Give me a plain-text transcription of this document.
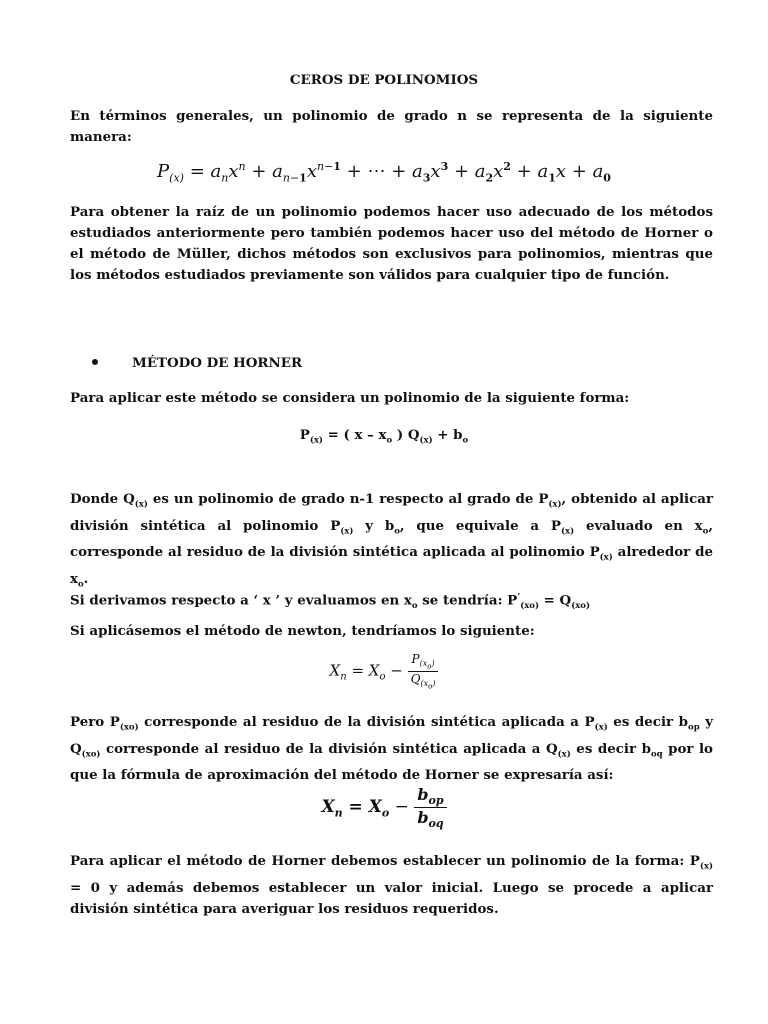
CEROS DE POLINOMIOS

En términos generales, un polinomio de grado n se representa de la siguiente manera:

$P_{(x)} = a_nx^n + a_{n-1}x^{n-1}$ + ⋯ + $a_3x^3 + a_2x^2 + a_1x + a_0$

Para obtener la raíz de un polinomio podemos hacer uso adecuado de los métodos estudiados anteriormente pero también podemos hacer uso del método de Horner o el método de Müller, dichos métodos son exclusivos para polinomios, mientras que los métodos estudiados previamente son válidos para cualquier tipo de función.

MÉTODO DE HORNER

Para aplicar este método se considera un polinomio de la siguiente forma:

$P_{(x)}$ = ( x – $x_o$ ) $Q_{(x)} + b_o$

Donde $Q_{(x)}$ es un polinomio de grado n-1 respecto al grado de $P_{(x)}$, obtenido al aplicar división sintética al polinomio $P_{(x)}$ y $b_o$, que equivale a $P_{(x)}$ evaluado en $x_o$, corresponde al residuo de la división sintética aplicada al polinomio $P_{(x)}$ alrededor de $x_o$.

Si derivamos respecto a ‘ x ’ y evaluamos en $x_o$ se tendría: $P^’_{(xo)} = Q_{(xo)}$

Si aplicásemos el método de newton, tendríamos lo siguiente:

$X_n = X_o - \frac{P_{(x_o)}}{Q_{(x_o)}}$

Pero $P_{(xo)}$ corresponde al residuo de la división sintética aplicada a $P_{(x)}$ es decir $b_{op}$ y $Q_{(xo)}$ corresponde al residuo de la división sintética aplicada a $Q_{(x)}$ es decir $b_{oq}$ por lo que la fórmula de aproximación del método de Horner se expresaría así:

$X_n = X_o - \frac{b_{op}}{b_{oq}}$

Para aplicar el método de Horner debemos establecer un polinomio de la forma: $P_{(x)} = 0$ y además debemos establecer un valor inicial. Luego se procede a aplicar división sintética para averiguar los residuos requeridos.
